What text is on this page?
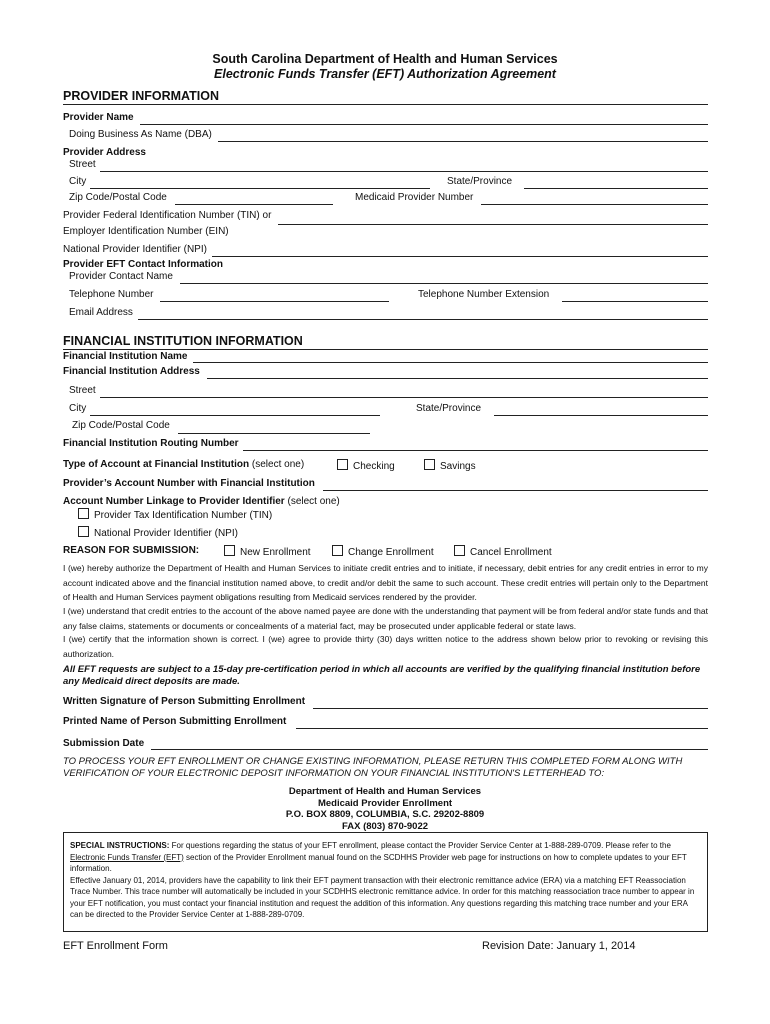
South Carolina Department of Health and Human Services
Electronic Funds Transfer (EFT) Authorization Agreement
PROVIDER INFORMATION
Provider Name
Doing Business As Name (DBA)
Provider Address
Street
City	State/Province
Zip Code/Postal Code	Medicaid Provider Number
Provider Federal Identification Number (TIN) or
Employer Identification Number (EIN)
National Provider Identifier (NPI)
Provider EFT Contact Information
Provider Contact Name
Telephone Number	Telephone Number Extension
Email Address
FINANCIAL INSTITUTION INFORMATION
Financial Institution Name
Financial Institution Address
Street
City	State/Province
Zip Code/Postal Code
Financial Institution Routing Number
Type of Account at Financial Institution (select one)	Checking	Savings
Provider’s Account Number with Financial Institution
Account Number Linkage to Provider Identifier (select one)
Provider Tax Identification Number (TIN)
National Provider Identifier (NPI)
REASON FOR SUBMISSION:	New Enrollment	Change Enrollment	Cancel Enrollment
I (we) hereby authorize the Department of Health and Human Services to initiate credit entries and to initiate, if necessary, debit entries for any credit entries in error to my account indicated above and the financial institution named above, to credit and/or debit the same to such account. These credit entries will pertain only to the Department of Health and Human Services payment obligations resulting from Medicaid services rendered by the provider.
I (we) understand that credit entries to the account of the above named payee are done with the understanding that payment will be from federal and/or state funds and that any false claims, statements or documents or concealments of a material fact, may be prosecuted under applicable federal or state laws.
I (we) certify that the information shown is correct. I (we) agree to provide thirty (30) days written notice to the address shown below prior to revoking or revising this authorization.
All EFT requests are subject to a 15-day pre-certification period in which all accounts are verified by the qualifying financial institution before any Medicaid direct deposits are made.
Written Signature of Person Submitting Enrollment
Printed Name of Person Submitting Enrollment
Submission Date
TO PROCESS YOUR EFT ENROLLMENT OR CHANGE EXISTING INFORMATION, PLEASE RETURN THIS COMPLETED FORM ALONG WITH VERIFICATION OF YOUR ELECTRONIC DEPOSIT INFORMATION ON YOUR FINANCIAL INSTITUTION'S LETTERHEAD TO:
Department of Health and Human Services
Medicaid Provider Enrollment
P.O. BOX 8809, COLUMBIA, S.C. 29202-8809
FAX (803) 870-9022
SPECIAL INSTRUCTIONS: For questions regarding the status of your EFT enrollment, please contact the Provider Service Center at 1-888-289-0709. Please refer to the Electronic Funds Transfer (EFT) section of the Provider Enrollment manual found on the SCDHHS Provider web page for instructions on how to complete updates to your EFT information.
Effective January 01, 2014, providers have the capability to link their EFT payment transaction with their electronic remittance advice (ERA) via a matching EFT Reassociation Trace Number. This trace number will automatically be included in your SCDHHS electronic remittance advice. In order for this matching reassociation trace number to appear in your EFT notification, you must contact your financial institution and request the addition of this information. Any questions regarding this matching trace number and your ERA can be directed to the Provider Service Center at 1-888-289-0709.
EFT Enrollment Form	Revision Date: January 1, 2014
